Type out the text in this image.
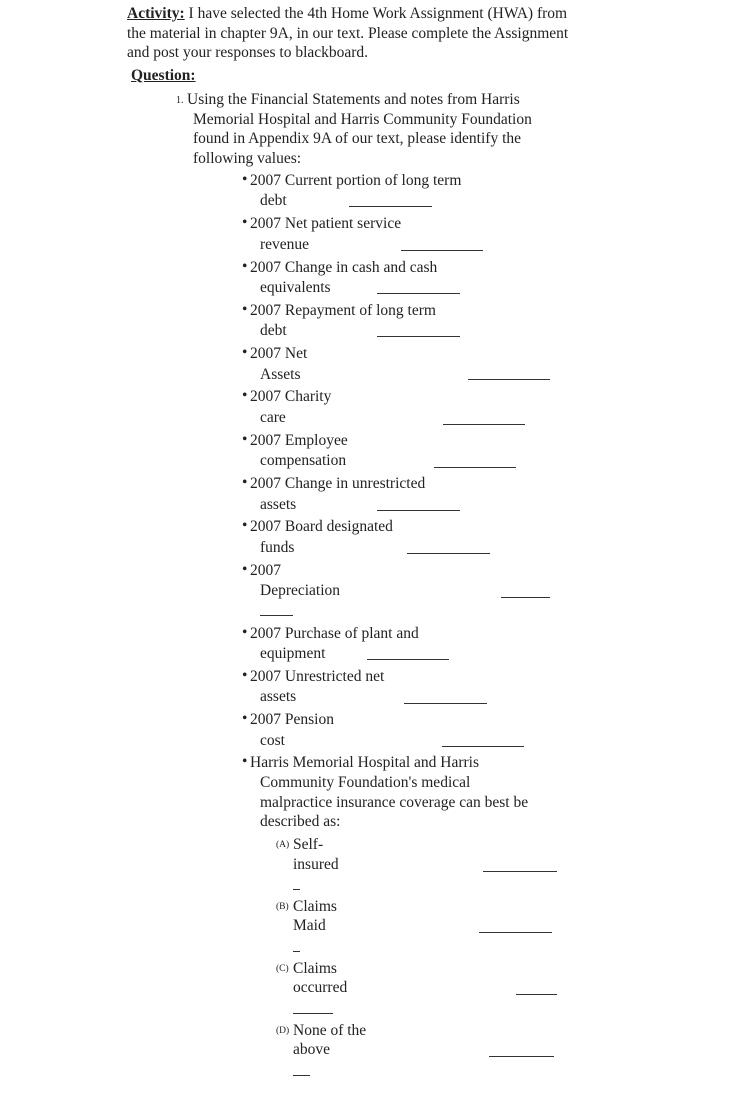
Activity: I have selected the 4th Home Work Assignment (HWA) from the material in chapter 9A, in our text. Please complete the Assignment and post your responses to blackboard.
Question:
1. Using the Financial Statements and notes from Harris Memorial Hospital and Harris Community Foundation found in Appendix 9A of our text, please identify the following values:
• 2007 Current portion of long term
debt
• 2007 Net patient service
revenue
• 2007 Change in cash and cash
equivalents
• 2007 Repayment of long term
debt
• 2007 Net
Assets
• 2007 Charity
care
• 2007 Employee
compensation
• 2007 Change in unrestricted
assets
• 2007 Board designated
funds
• 2007
Depreciation
• 2007 Purchase of plant and
equipment
• 2007 Unrestricted net
assets
• 2007 Pension
cost
• Harris Memorial Hospital and Harris
Community Foundation's medical
malpractice insurance coverage can best be
described as:
(A) Self-
insured
(B) Claims
Maid
(C) Claims
occurred
(D) None of the
above
